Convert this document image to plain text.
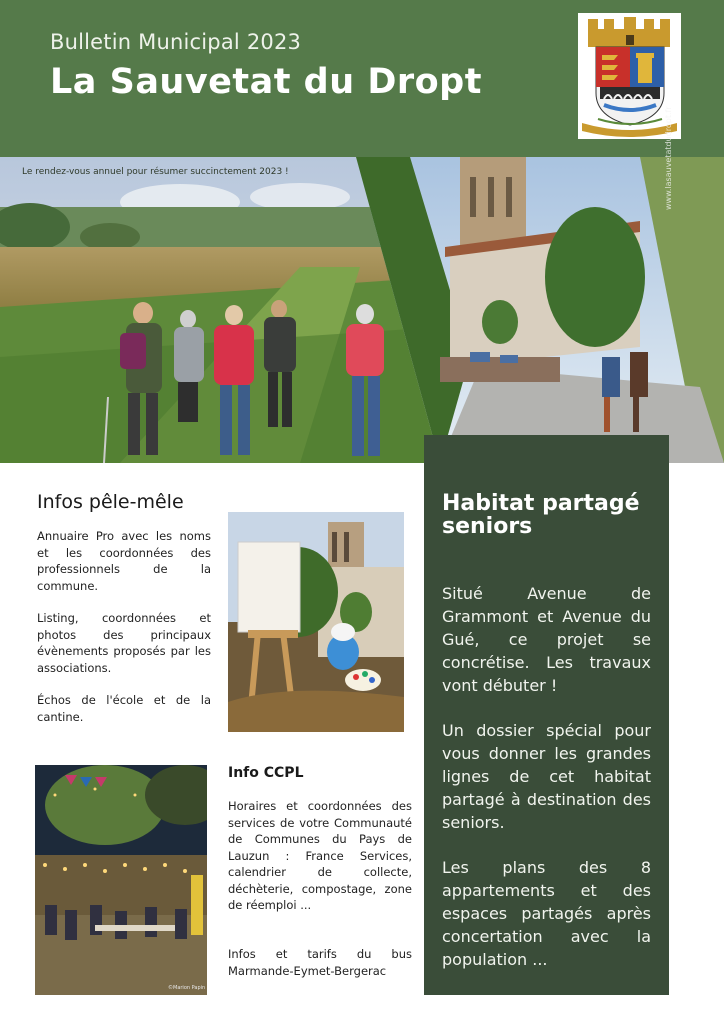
Bulletin Municipal 2023
La Sauvetat du Dropt
Le rendez-vous annuel pour résumer succinctement 2023 !	www.lasauvetatdudropt.fr
Infos pêle-mêle

Annuaire Pro avec les noms et les coordonnées des professionnels de la commune.

Listing, coordonnées et photos des principaux évènements proposés par les associations.

Échos de l'école et de la cantine.

©Marion Papin
Info CCPL

Horaires et coordonnées des services de votre Communauté de Communes du Pays de Lauzun : France Services, calendrier de collecte, déchèterie, compostage, zone de réemploi ...

Infos et tarifs du bus Marmande-Eymet-Bergerac

Habitat partagé seniors

Situé Avenue de Grammont et Avenue du Gué, ce projet se concrétise. Les travaux vont débuter !

Un dossier spécial pour vous donner les grandes lignes de cet habitat partagé à destination des seniors.

Les plans des 8 appartements et des espaces partagés après concertation avec la population ...
